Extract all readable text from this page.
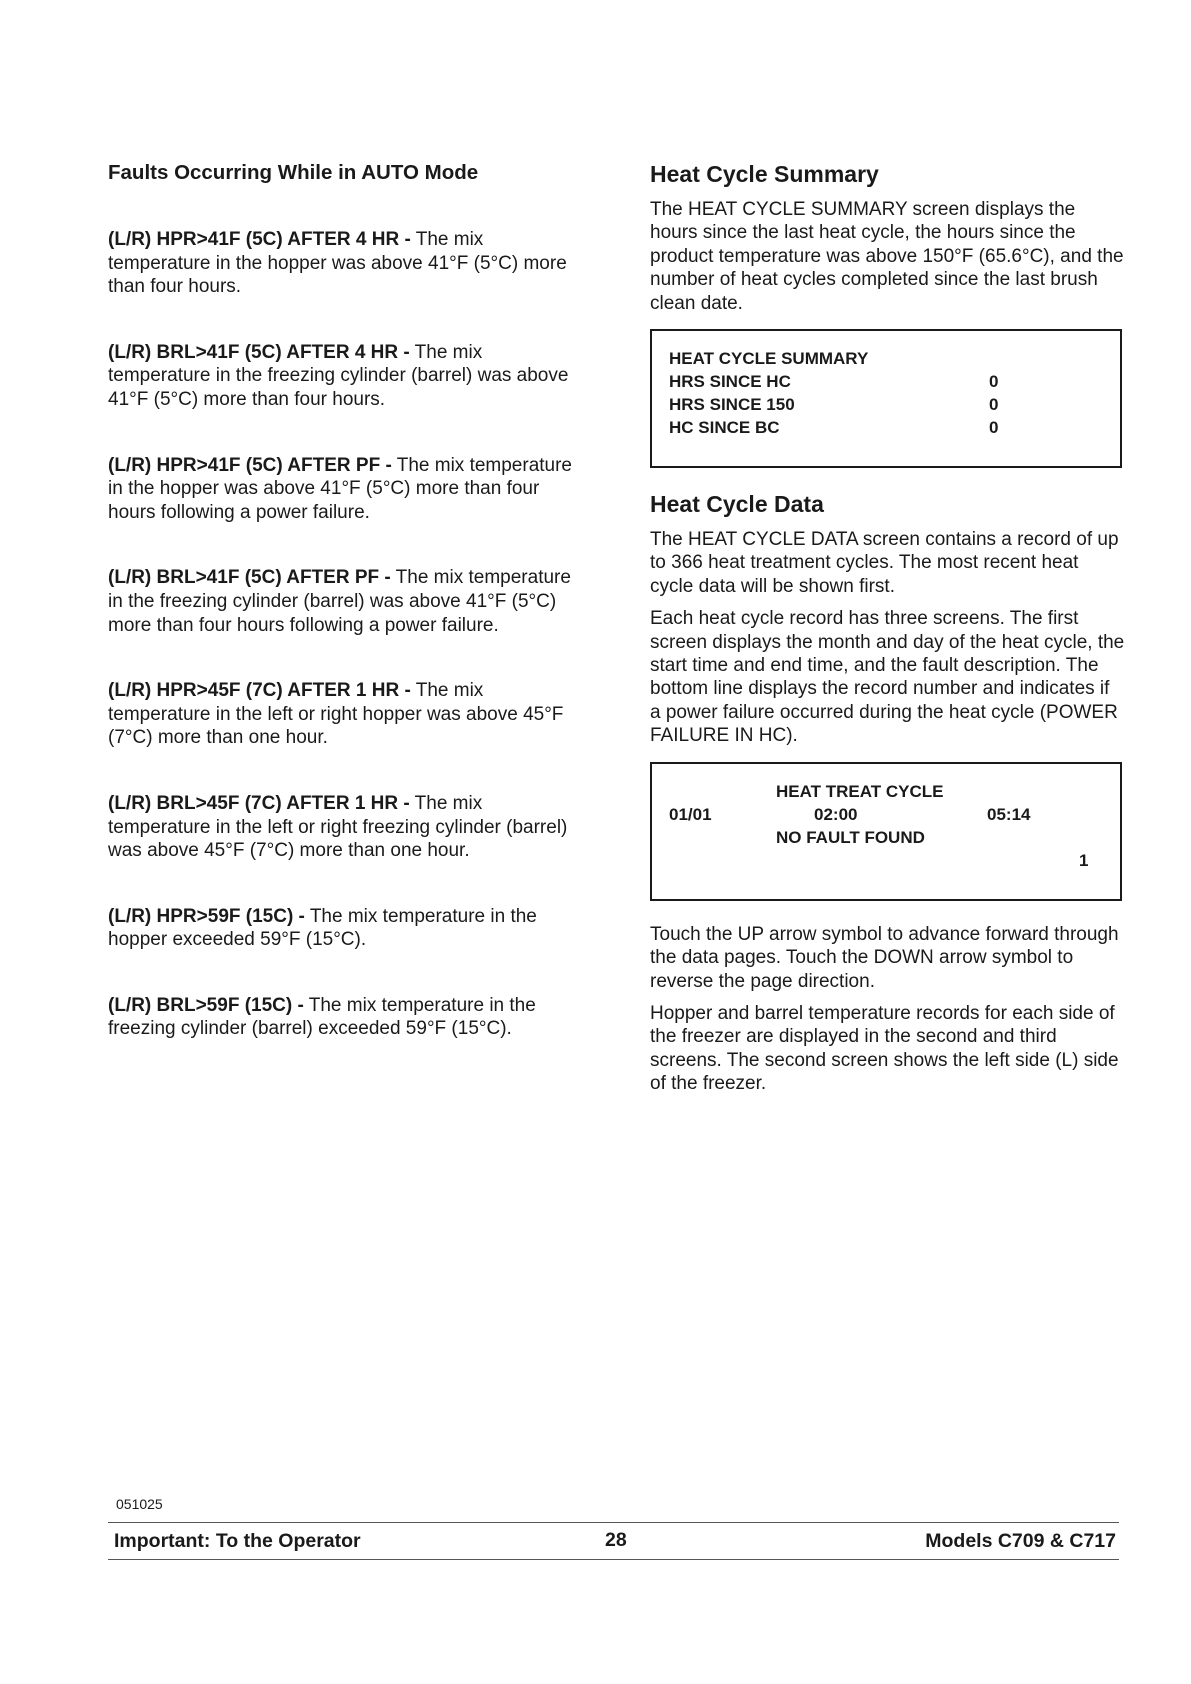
Faults Occurring While in AUTO Mode

(L/R) HPR>41F (5C) AFTER 4 HR - The mix temperature in the hopper was above 41°F (5°C) more than four hours.

(L/R) BRL>41F (5C) AFTER 4 HR - The mix temperature in the freezing cylinder (barrel) was above 41°F (5°C) more than four hours.

(L/R) HPR>41F (5C) AFTER PF - The mix temperature in the hopper was above 41°F (5°C) more than four hours following a power failure.

(L/R) BRL>41F (5C) AFTER PF - The mix temperature in the freezing cylinder (barrel) was above 41°F (5°C) more than four hours following a power failure.

(L/R) HPR>45F (7C) AFTER 1 HR - The mix temperature in the left or right hopper was above 45°F (7°C) more than one hour.

(L/R) BRL>45F (7C) AFTER 1 HR - The mix temperature in the left or right freezing cylinder (barrel) was above 45°F (7°C) more than one hour.

(L/R) HPR>59F (15C) - The mix temperature in the hopper exceeded 59°F (15°C).

(L/R) BRL>59F (15C) - The mix temperature in the freezing cylinder (barrel) exceeded 59°F (15°C).

Heat Cycle Summary

The HEAT CYCLE SUMMARY screen displays the hours since the last heat cycle, the hours since the product temperature was above 150°F (65.6°C), and the number of heat cycles completed since the last brush clean date.

HEAT CYCLE SUMMARY
HRS SINCE HC	0
HRS SINCE 150	0
HC SINCE BC	0
Heat Cycle Data

The HEAT CYCLE DATA screen contains a record of up to 366 heat treatment cycles. The most recent heat cycle data will be shown first.

Each heat cycle record has three screens. The first screen displays the month and day of the heat cycle, the start time and end time, and the fault description. The bottom line displays the record number and indicates if a power failure occurred during the heat cycle (POWER FAILURE IN HC).

HEAT TREAT CYCLE
01/01	02:00	05:14
NO FAULT FOUND
1

Touch the UP arrow symbol to advance forward through the data pages. Touch the DOWN arrow symbol to reverse the page direction.

Hopper and barrel temperature records for each side of the freezer are displayed in the second and third screens. The second screen shows the left side (L) side of the freezer.

051025
Important: To the Operator	28	Models C709 & C717
